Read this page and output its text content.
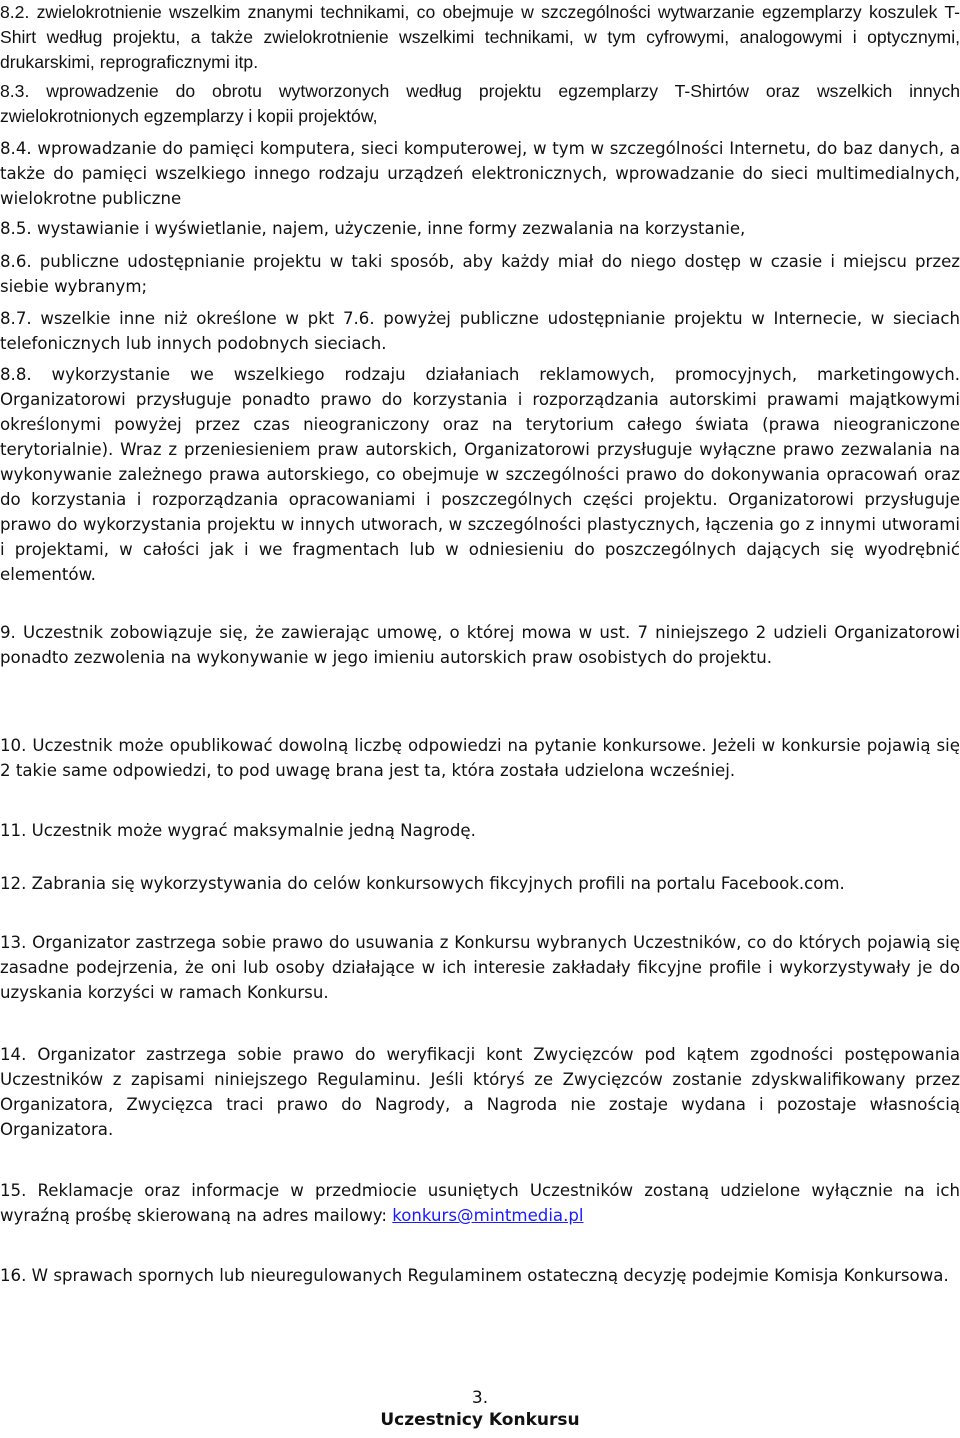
8.2. zwielokrotnienie wszelkim znanymi technikami, co obejmuje w szczególności wytwarzanie egzemplarzy koszulek T-Shirt według projektu, a także zwielokrotnienie wszelkimi technikami, w tym cyfrowymi, analogowymi i optycznymi, drukarskimi, reprograficznymi itp.

8.3. wprowadzenie do obrotu wytworzonych według projektu egzemplarzy T-Shirtów oraz wszelkich innych zwielokrotnionych egzemplarzy i kopii projektów,

8.4. wprowadzanie do pamięci komputera, sieci komputerowej, w tym w szczególności Internetu, do baz danych, a także do pamięci wszelkiego innego rodzaju urządzeń elektronicznych, wprowadzanie do sieci multimedialnych, wielokrotne publiczne

8.5. wystawianie i wyświetlanie, najem, użyczenie, inne formy zezwalania na korzystanie,

8.6. publiczne udostępnianie projektu w taki sposób, aby każdy miał do niego dostęp w czasie i miejscu przez siebie wybranym;

8.7. wszelkie inne niż określone w pkt 7.6. powyżej publiczne udostępnianie projektu w Internecie, w sieciach telefonicznych lub innych podobnych sieciach.

8.8. wykorzystanie we wszelkiego rodzaju działaniach reklamowych, promocyjnych, marketingowych. Organizatorowi przysługuje ponadto prawo do korzystania i rozporządzania autorskimi prawami majątkowymi określonymi powyżej przez czas nieograniczony oraz na terytorium całego świata (prawa nieograniczone terytorialnie). Wraz z przeniesieniem praw autorskich, Organizatorowi przysługuje wyłączne prawo zezwalania na wykonywanie zależnego prawa autorskiego, co obejmuje w szczególności prawo do dokonywania opracowań oraz do korzystania i rozporządzania opracowaniami i poszczególnych części projektu. Organizatorowi przysługuje prawo do wykorzystania projektu w innych utworach, w szczególności plastycznych, łączenia go z innymi utworami i projektami, w całości jak i we fragmentach lub w odniesieniu do poszczególnych dających się wyodrębnić elementów.

9. Uczestnik zobowiązuje się, że zawierając umowę, o której mowa w ust. 7 niniejszego 2 udzieli Organizatorowi ponadto zezwolenia na wykonywanie w jego imieniu autorskich praw osobistych do projektu.

10. Uczestnik może opublikować dowolną liczbę odpowiedzi na pytanie konkursowe. Jeżeli w konkursie pojawią się 2 takie same odpowiedzi, to pod uwagę brana jest ta, która została udzielona wcześniej.

11. Uczestnik może wygrać maksymalnie jedną Nagrodę.

12. Zabrania się wykorzystywania do celów konkursowych fikcyjnych profili na portalu Facebook.com.

13. Organizator zastrzega sobie prawo do usuwania z Konkursu wybranych Uczestników, co do których pojawią się zasadne podejrzenia, że oni lub osoby działające w ich interesie zakładały fikcyjne profile i wykorzystywały je do uzyskania korzyści w ramach Konkursu.

14. Organizator zastrzega sobie prawo do weryfikacji kont Zwycięzców pod kątem zgodności postępowania Uczestników z zapisami niniejszego Regulaminu. Jeśli któryś ze Zwycięzców zostanie zdyskwalifikowany przez Organizatora, Zwycięzca traci prawo do Nagrody, a Nagroda nie zostaje wydana i pozostaje własnością Organizatora.

15. Reklamacje oraz informacje w przedmiocie usuniętych Uczestników zostaną udzielone wyłącznie na ich wyraźną prośbę skierowaną na adres mailowy: konkurs@mintmedia.pl

16. W sprawach spornych lub nieuregulowanych Regulaminem ostateczną decyzję podejmie Komisja Konkursowa.

3.
Uczestnicy Konkursu
